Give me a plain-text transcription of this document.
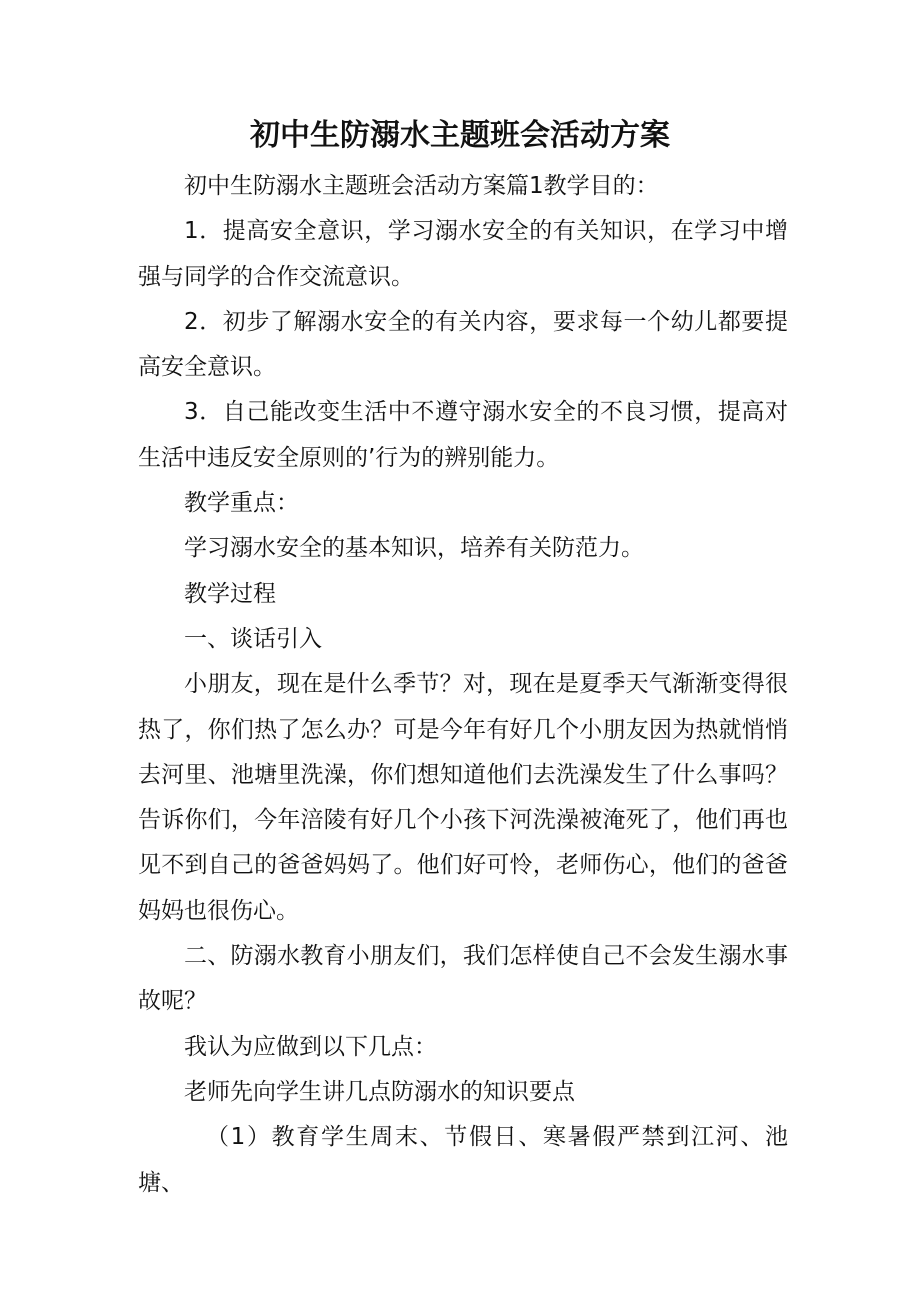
初中生防溺水主题班会活动方案

初中生防溺水主题班会活动方案篇1教学目的：

1．提高安全意识，学习溺水安全的有关知识，在学习中增强与同学的合作交流意识。

2．初步了解溺水安全的有关内容，要求每一个幼儿都要提高安全意识。

3．自己能改变生活中不遵守溺水安全的不良习惯，提高对生活中违反安全原则的’行为的辨别能力。

教学重点：

学习溺水安全的基本知识，培养有关防范力。

教学过程

一、谈话引入

小朋友，现在是什么季节？对，现在是夏季天气渐渐变得很热了，你们热了怎么办？可是今年有好几个小朋友因为热就悄悄去河里、池塘里洗澡，你们想知道他们去洗澡发生了什么事吗？告诉你们，今年涪陵有好几个小孩下河洗澡被淹死了，他们再也见不到自己的爸爸妈妈了。他们好可怜，老师伤心，他们的爸爸妈妈也很伤心。

二、防溺水教育小朋友们，我们怎样使自己不会发生溺水事故呢？

我认为应做到以下几点：

老师先向学生讲几点防溺水的知识要点

（1）教育学生周末、节假日、寒暑假严禁到江河、池塘、
